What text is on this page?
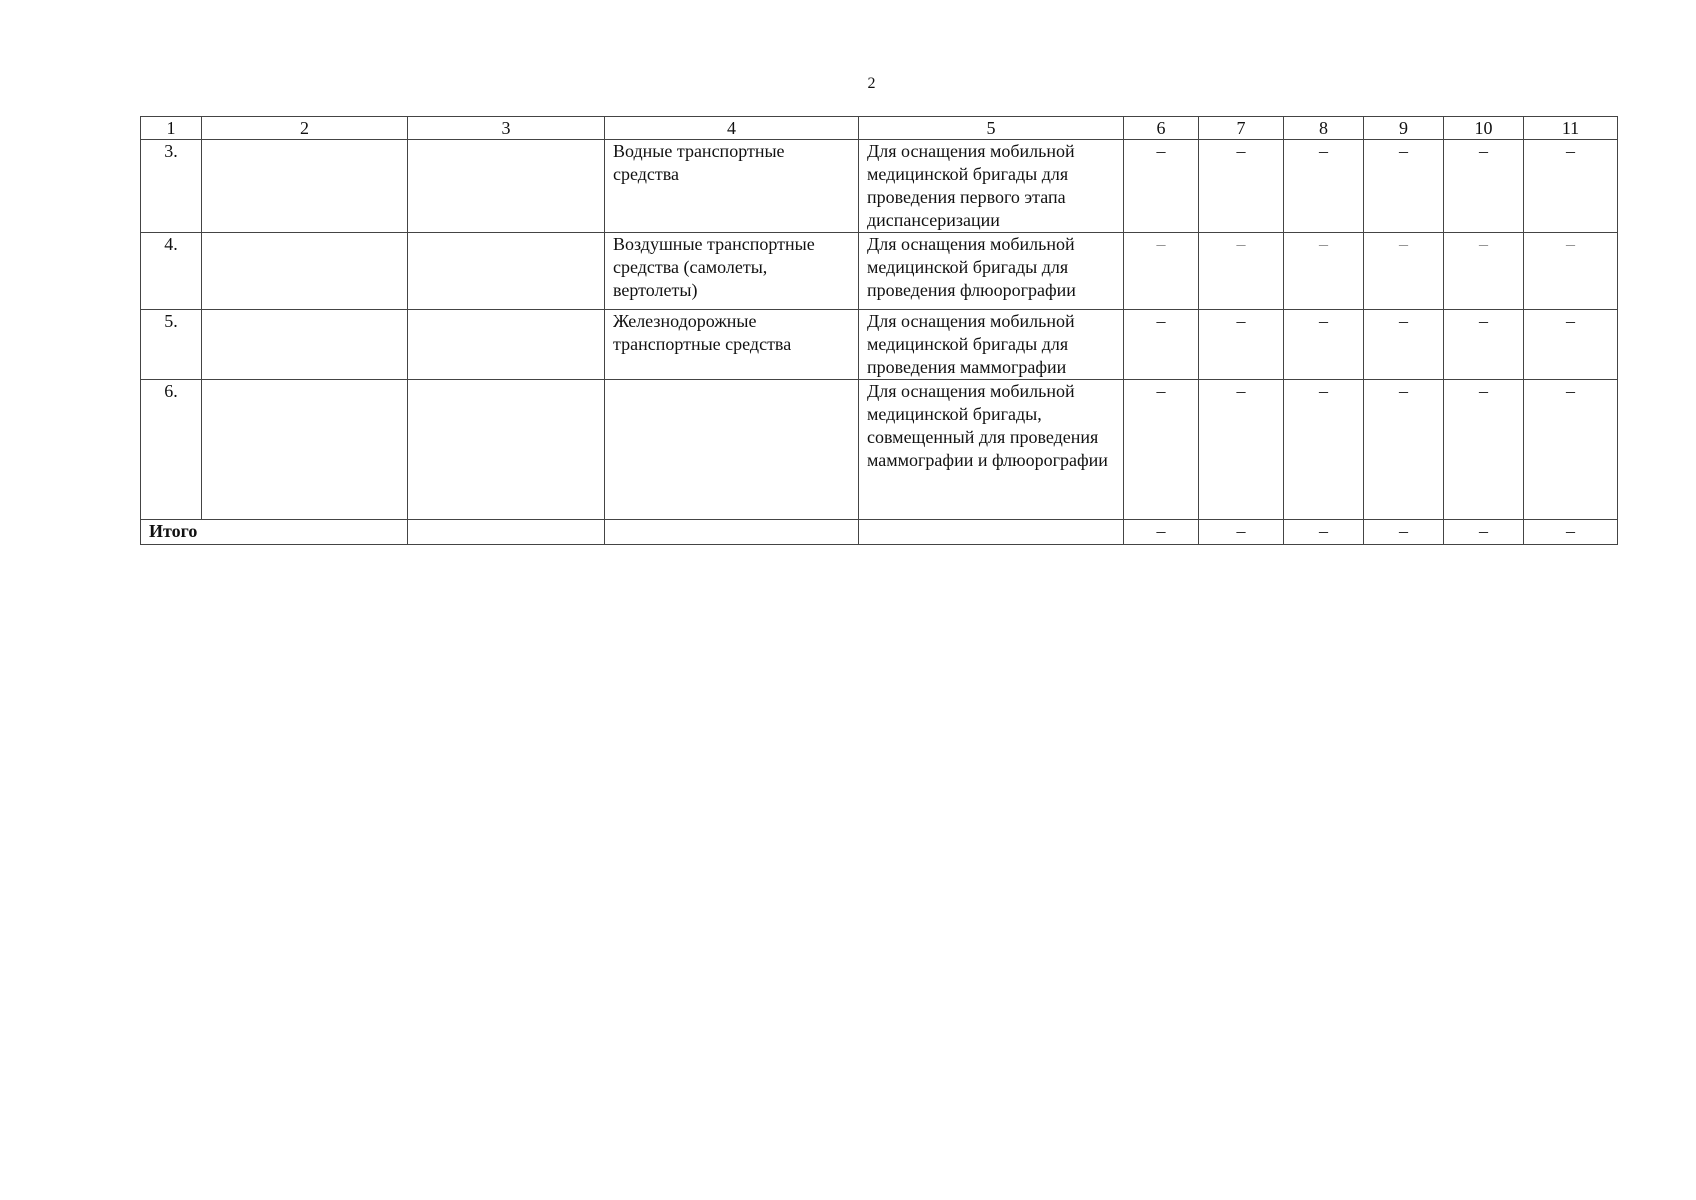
2
1	2	3	4	5	6	7	8	9	10	11
3.			Водные транспортные средства	Для оснащения мобильной медицинской бригады для проведения первого этапа диспансеризации	–	–	–	–	–	–
4.			Воздушные транспортные средства (самолеты, вертолеты)	Для оснащения мобильной медицинской бригады для проведения флюорографии	–	–	–	–	–	–
5.			Железнодорожные транспортные средства	Для оснащения мобильной медицинской бригады для проведения маммографии	–	–	–	–	–	–
6.				Для оснащения мобильной медицинской бригады, совмещенный для проведения маммографии и флюорографии	–	–	–	–	–	–
Итого					–	–	–	–	–	–
